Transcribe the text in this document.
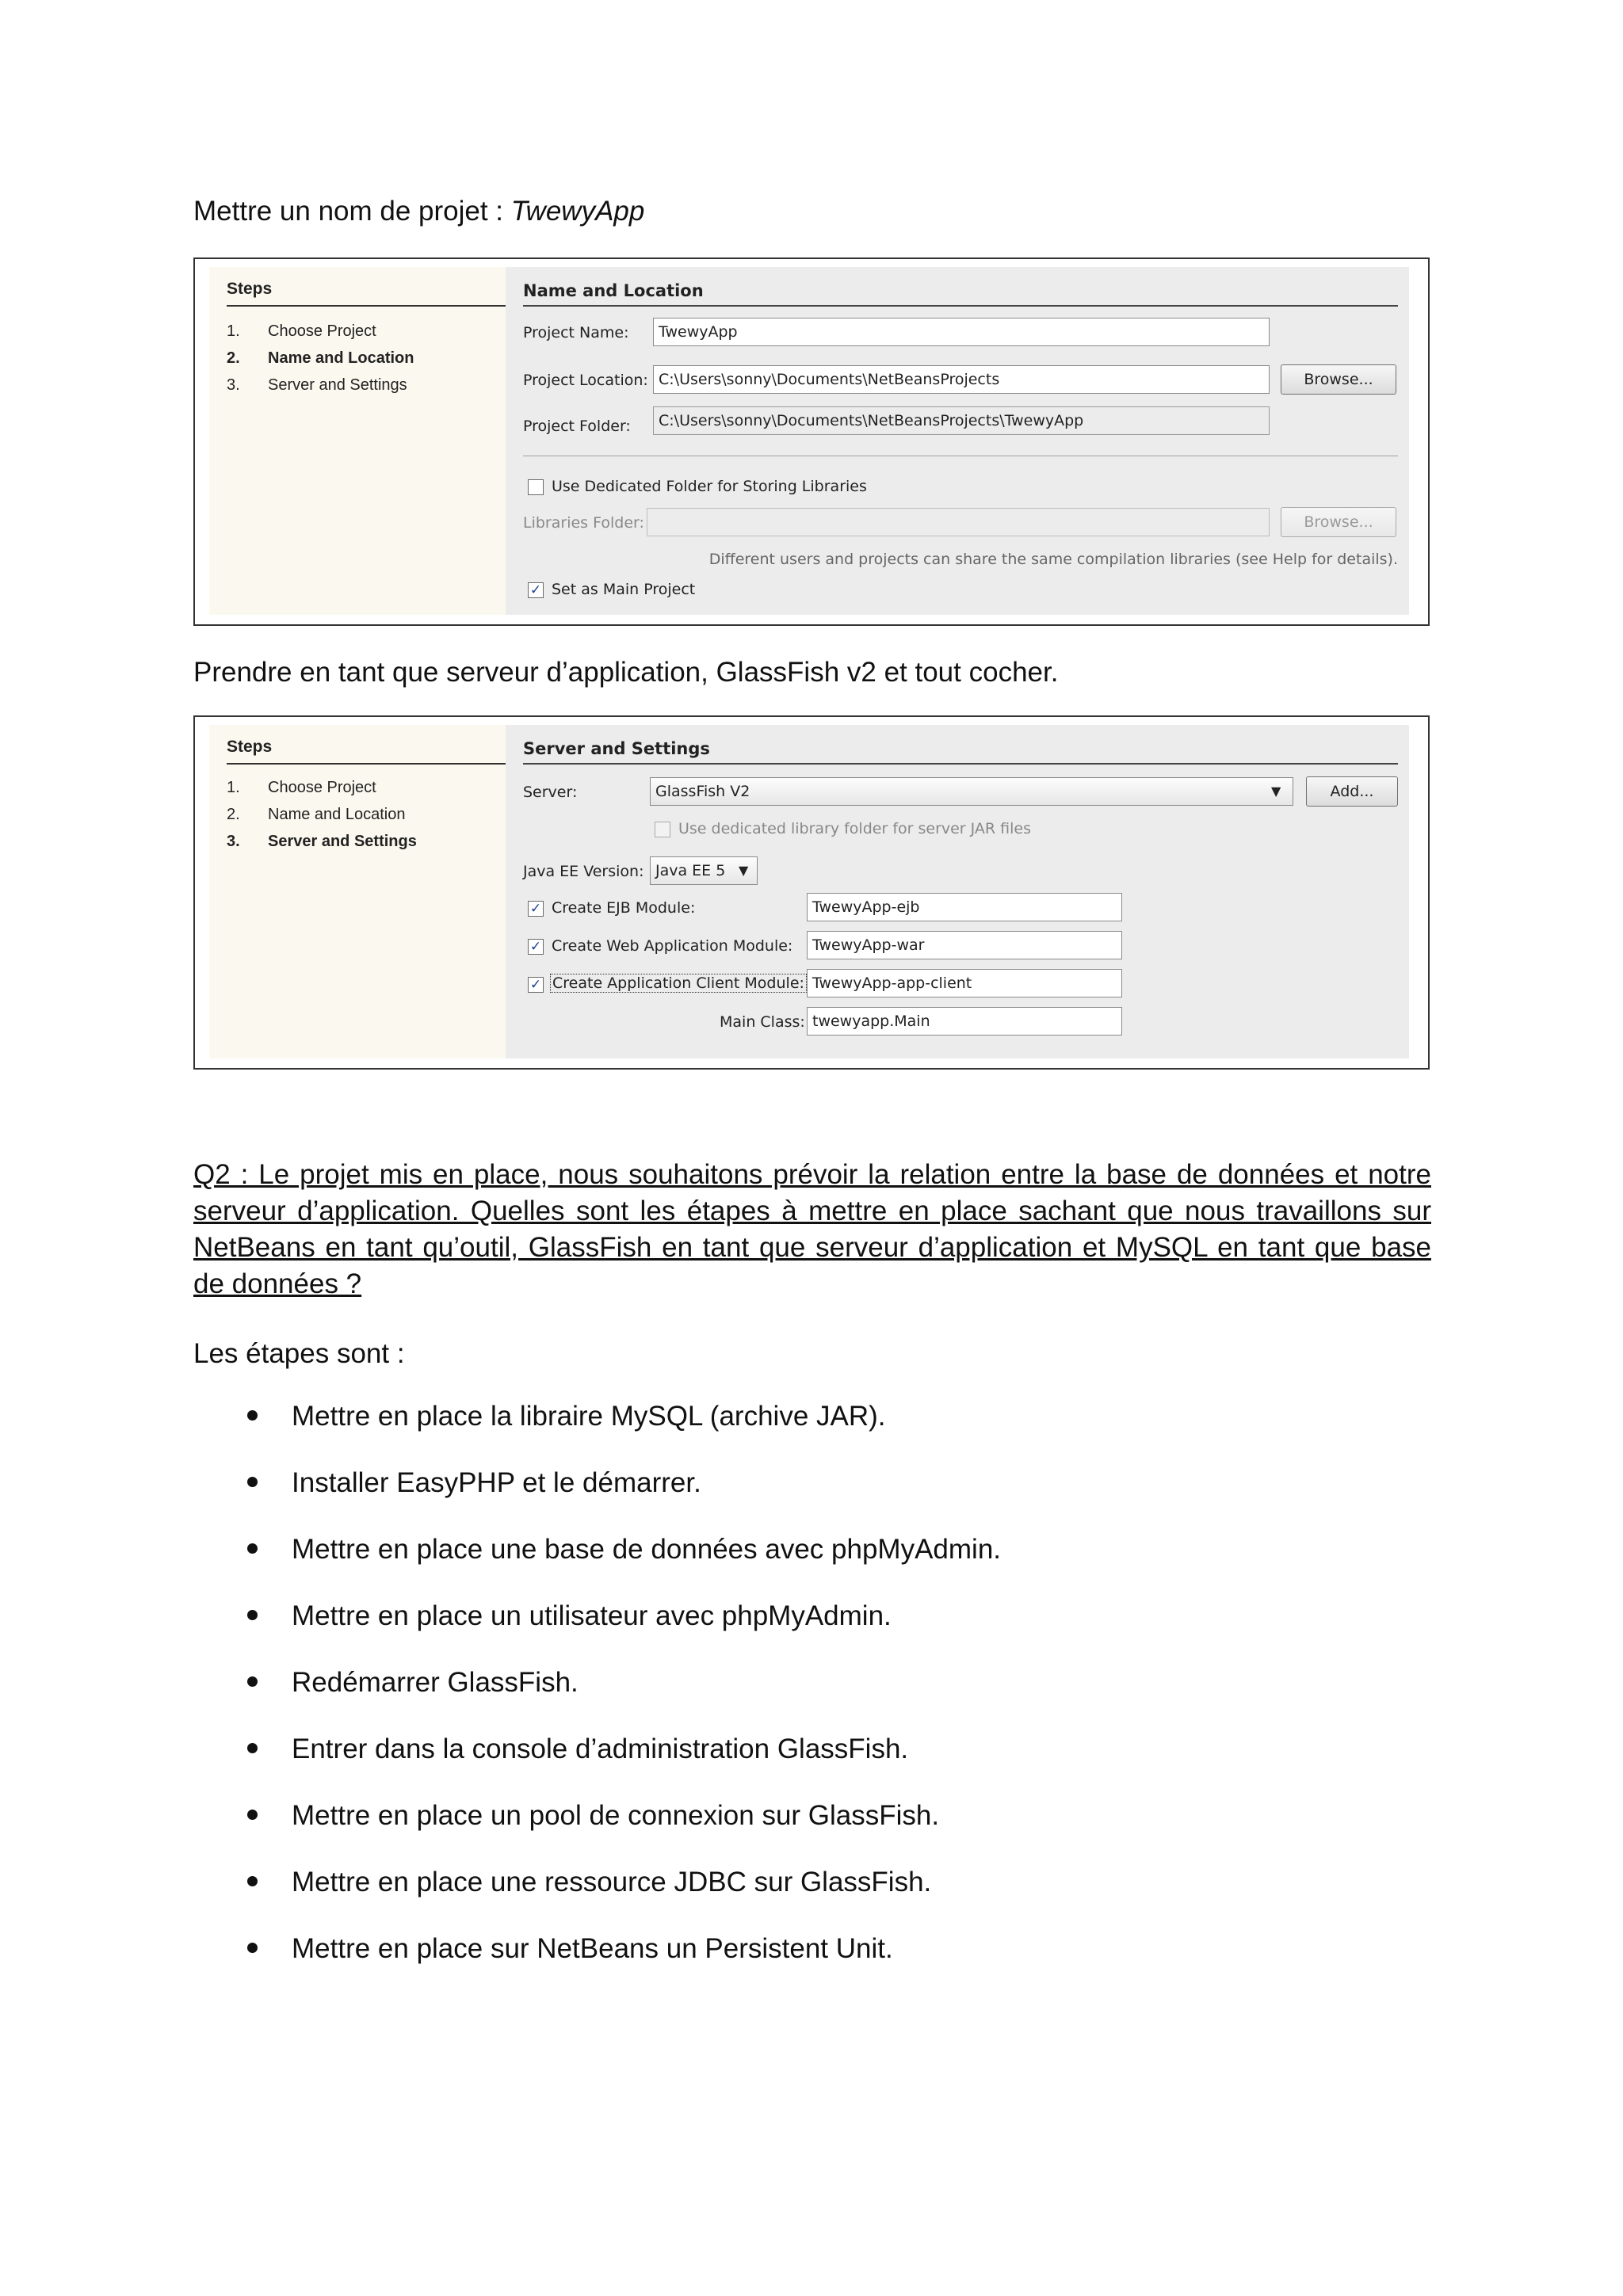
Mettre un nom de projet : TwewyApp

Steps
1. Choose Project
2. Name and Location
3. Server and Settings
Name and Location
Project Name:	TwewyApp
Project Location: C:\Users\sonny\Documents\NetBeansProjects	Browse...
Project Folder:	C:\Users\sonny\Documents\NetBeansProjects\TwewyApp
Use Dedicated Folder for Storing Libraries
Libraries Folder:	Browse...
Different users and projects can share the same compilation libraries (see Help for details).
✓ Set as Main Project

Prendre en tant que serveur d’application, GlassFish v2 et tout cocher.

Steps
1. Choose Project
2. Name and Location
3. Server and Settings
Server and Settings
Server:	GlassFish V2	▼	Add...
Use dedicated library folder for server JAR files
Java EE Version: Java EE 5	▼
✓ Create EJB Module:	TwewyApp-ejb
✓ Create Web Application Module:	TwewyApp-war
✓ Create Application Client Module: TwewyApp-app-client
Main Class: twewyapp.Main

Q2 : Le projet mis en place, nous souhaitons prévoir la relation entre la base de données et notre serveur d’application. Quelles sont les étapes à mettre en place sachant que nous travaillons sur NetBeans en tant qu’outil, GlassFish en tant que serveur d’application et MySQL en tant que base de données ?

Les étapes sont :

Mettre en place la libraire MySQL (archive JAR).
Installer EasyPHP et le démarrer.
Mettre en place une base de données avec phpMyAdmin.
Mettre en place un utilisateur avec phpMyAdmin.
Redémarrer GlassFish.
Entrer dans la console d’administration GlassFish.
Mettre en place un pool de connexion sur GlassFish.
Mettre en place une ressource JDBC sur GlassFish.
Mettre en place sur NetBeans un Persistent Unit.
